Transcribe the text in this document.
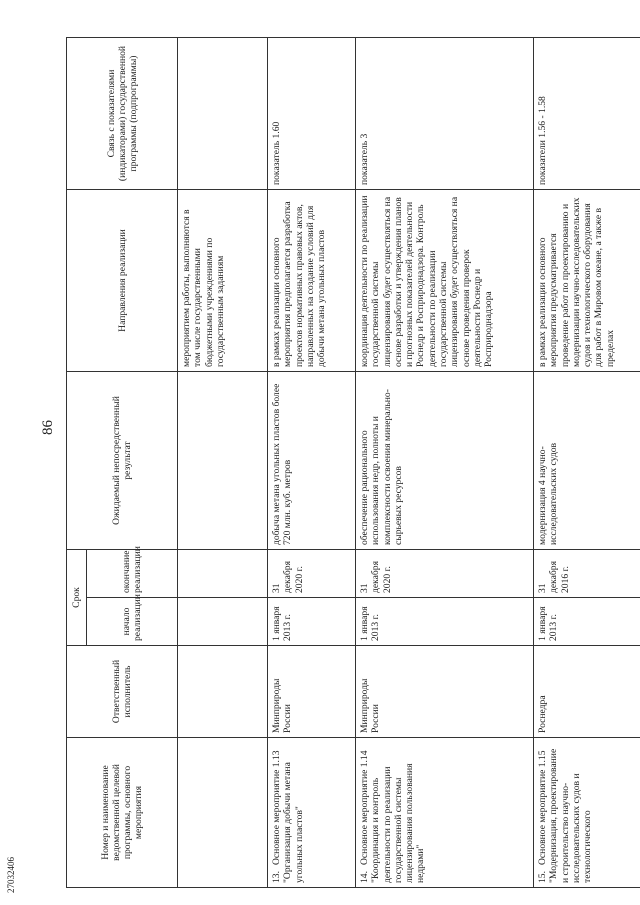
86
27032406
Номер и наименование ведомственной целевой программы, основного мероприятия	Ответственный исполнитель	Срок		Ожидаемый непосредственный результат	Направления реализации	Связь с показателями (индикаторами) государственной программы (подпрограммы)
		начало реализации	окончание реализации			
					мероприятием работы, выполняются в том числе государственными бюджетными учреждениями по государственным заданиям	
13.Основное мероприятие 1.13 "Организация добычи метана угольных пластов"	Минприроды России	1 января 2013 г.	31 декабря 2020 г.	добыча метана угольных пластов более 720 млн. куб. метров	в рамках реализации основного мероприятия предполагается разработка проектов нормативных правовых актов, направленных на создание условий для добычи метана угольных пластов	показатель 1.60
14.Основное мероприятие 1.14 "Координация и контроль деятельности по реализации государственной системы лицензирования пользования недрами"	Минприроды России	1 января 2013 г.	31 декабря 2020 г.	обеспечение рационального использования недр, полноты и комплексности освоения минерально-сырьевых ресурсов	координация деятельности по реализации государственной системы лицензирования будет осуществляться на основе разработки и утверждения планов и прогнозных показателей деятельности Роснедр и Росприроднадзора. Контроль деятельности по реализации государственной системы лицензирования будет осуществляться на основе проведения проверок деятельности Роснедр и Росприроднадзора	показатель 3
15.Основное мероприятие 1.15 "Модернизация, проектирование и строительство научно-исследовательских судов и технологического	Роснедра	1 января 2013 г.	31 декабря 2016 г.	модернизация 4 научно-исследовательских судов	в рамках реализации основного мероприятия предусматривается проведение работ по проектированию и модернизации научно-исследовательских судов и технологического оборудования для работ в Мировом океане, а также в пределах	показатели 1.56 - 1.58
